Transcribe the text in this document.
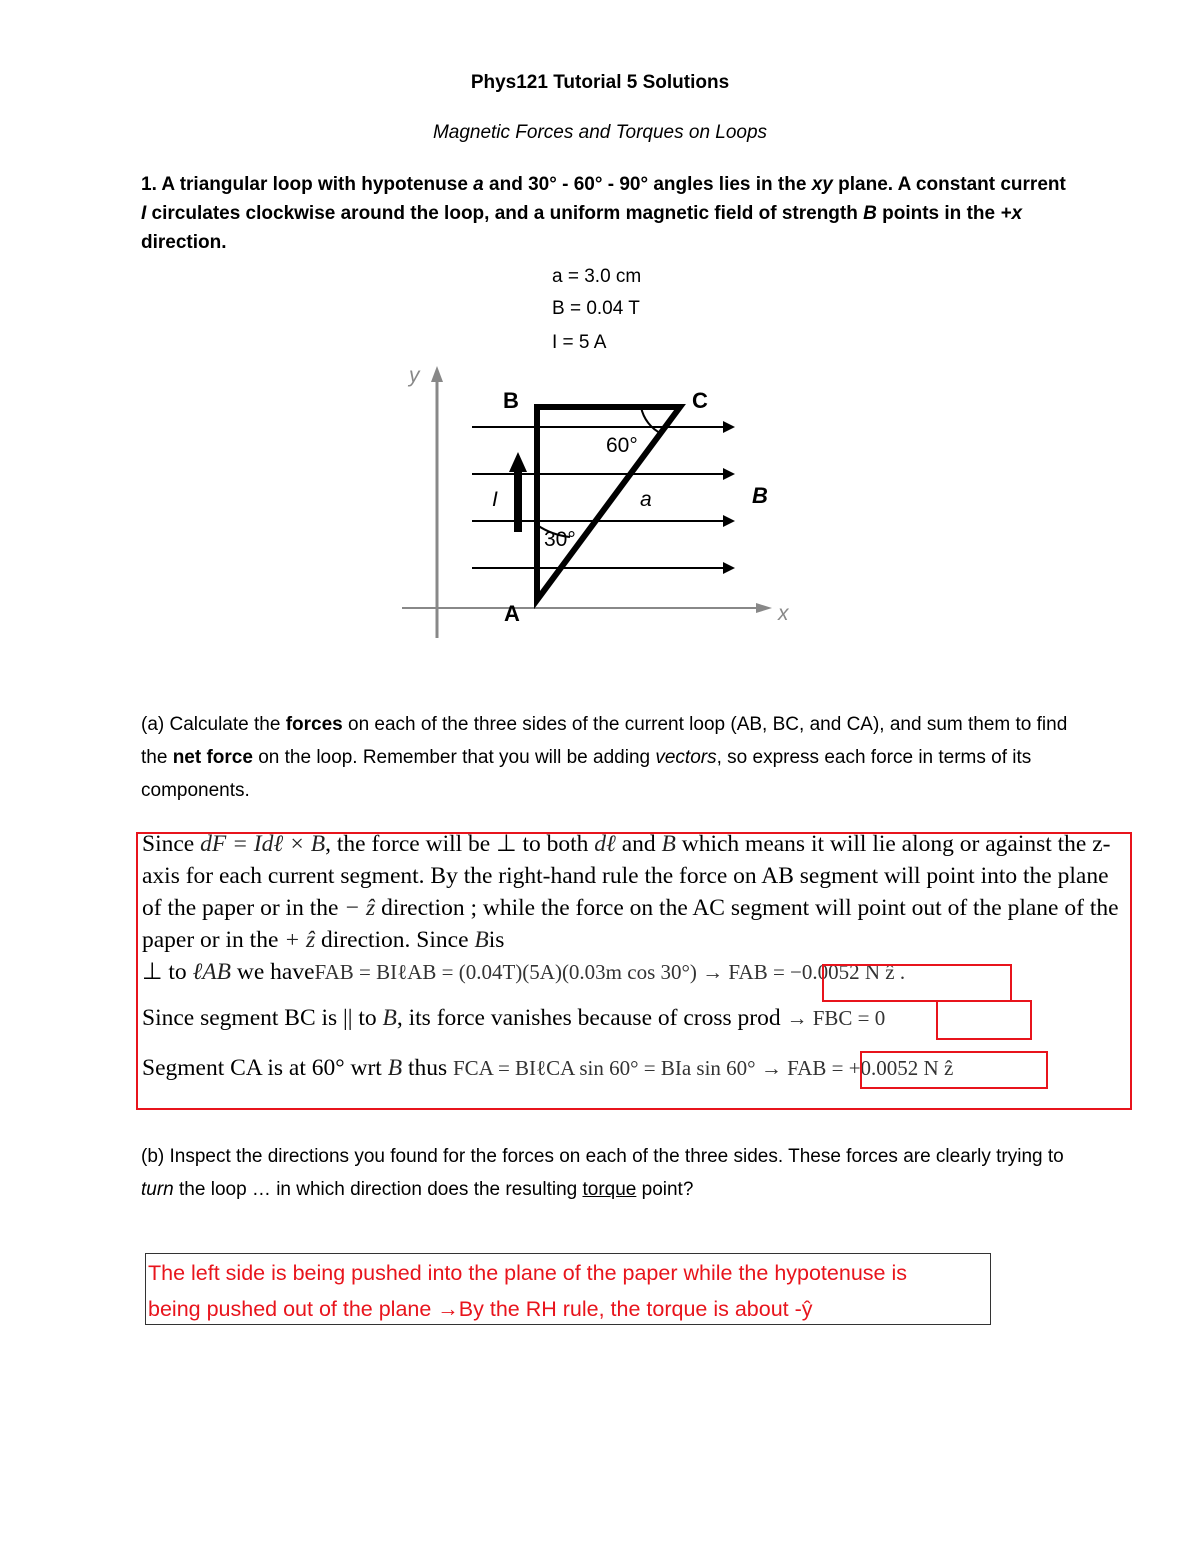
Phys121 Tutorial 5 Solutions
Magnetic Forces and Torques on Loops
1. A triangular loop with hypotenuse a and 30° - 60° - 90° angles lies in the xy plane. A constant current I circulates clockwise around the loop, and a uniform magnetic field of strength B points in the +x direction.
a = 3.0 cm
B = 0.04 T
I = 5 A
y
x
B	C
A
60°
30°
a
I	B
(a) Calculate the forces on each of the three sides of the current loop (AB, BC, and CA), and sum them to find the net force on the loop. Remember that you will be adding vectors, so express each force in terms of its components.
Since dF = Idℓ × B, the force will be ⊥ to both dℓ and B which means it will lie along or against the z-axis for each current segment. By the right-hand rule the force on AB segment will point into the plane of the paper or in the − ẑ direction ; while the force on the AC segment will point out of the plane of the paper or in the + ẑ direction. Since Bis
⊥ to ℓAB we haveFAB = BIℓAB = (0.04T)(5A)(0.03m cos 30°) → FAB = −0.0052 N ẑ .
Since segment BC is || to B, its force vanishes because of cross prod → FBC = 0
Segment CA is at 60° wrt B thus FCA = BIℓCA sin 60° = BIa sin 60° → FAB = +0.0052 N ẑ
(b) Inspect the directions you found for the forces on each of the three sides. These forces are clearly trying to turn the loop … in which direction does the resulting torque point?
The left side is being pushed into the plane of the paper while the hypotenuse is
being pushed out of the plane →By the RH rule, the torque is about -ŷ
